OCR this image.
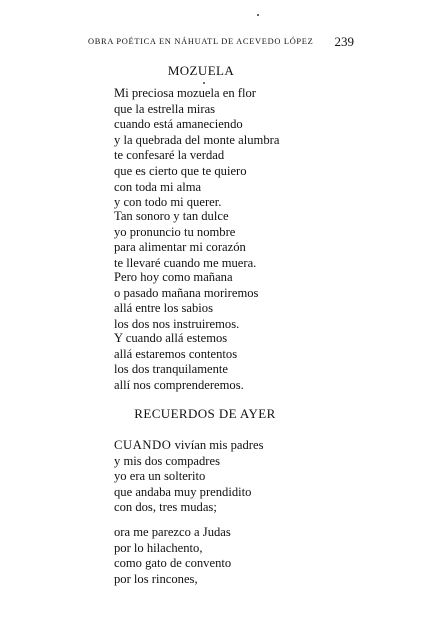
OBRA POÉTICA EN NÁHUATL DE ACEVEDO LÓPEZ	239
MOZUELA
Mi preciosa mozuela en flor
que la estrella miras
cuando está amaneciendo
y la quebrada del monte alumbra
te confesaré la verdad
que es cierto que te quiero
con toda mi alma
y con todo mi querer.
Tan sonoro y tan dulce
yo pronuncio tu nombre
para alimentar mi corazón
te llevaré cuando me muera.
Pero hoy como mañana
o pasado mañana moriremos
allá entre los sabios
los dos nos instruiremos.
Y cuando allá estemos
allá estaremos contentos
los dos tranquilamente
allí nos comprenderemos.
RECUERDOS DE AYER
CUANDO vivían mis padres
y mis dos compadres
yo era un solterito
que andaba muy prendidito
con dos, tres mudas;
ora me parezco a Judas
por lo hilachento,
como gato de convento
por los rincones,
